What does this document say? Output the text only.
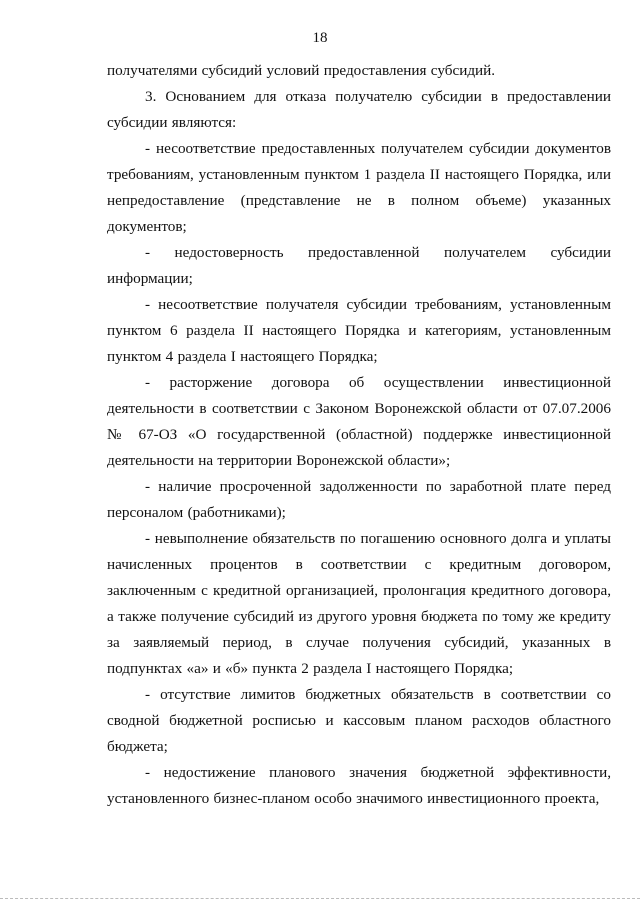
18

получателями субсидий условий предоставления субсидий.

3. Основанием для отказа получателю субсидии в предоставлении субсидии являются:

- несоответствие предоставленных получателем субсидии документов требованиям, установленным пунктом 1 раздела II настоящего Порядка, или непредоставление (представление не в полном объеме) указанных документов;

- недостоверность предоставленной получателем субсидии информации;

- несоответствие получателя субсидии требованиям, установленным пунктом 6 раздела II настоящего Порядка и категориям, установленным пунктом 4 раздела I настоящего Порядка;

- расторжение договора об осуществлении инвестиционной деятельности в соответствии с Законом Воронежской области от 07.07.2006 № 67-ОЗ «О государственной (областной) поддержке инвестиционной деятельности на территории Воронежской области»;

- наличие просроченной задолженности по заработной плате перед персоналом (работниками);

- невыполнение обязательств по погашению основного долга и уплаты начисленных процентов в соответствии с кредитным договором, заключенным с кредитной организацией, пролонгация кредитного договора, а также получение субсидий из другого уровня бюджета по тому же кредиту за заявляемый период, в случае получения субсидий, указанных в подпунктах «а» и «б» пункта 2 раздела I настоящего Порядка;

- отсутствие лимитов бюджетных обязательств в соответствии со сводной бюджетной росписью и кассовым планом расходов областного бюджета;

- недостижение планового значения бюджетной эффективности, установленного бизнес-планом особо значимого инвестиционного проекта,
